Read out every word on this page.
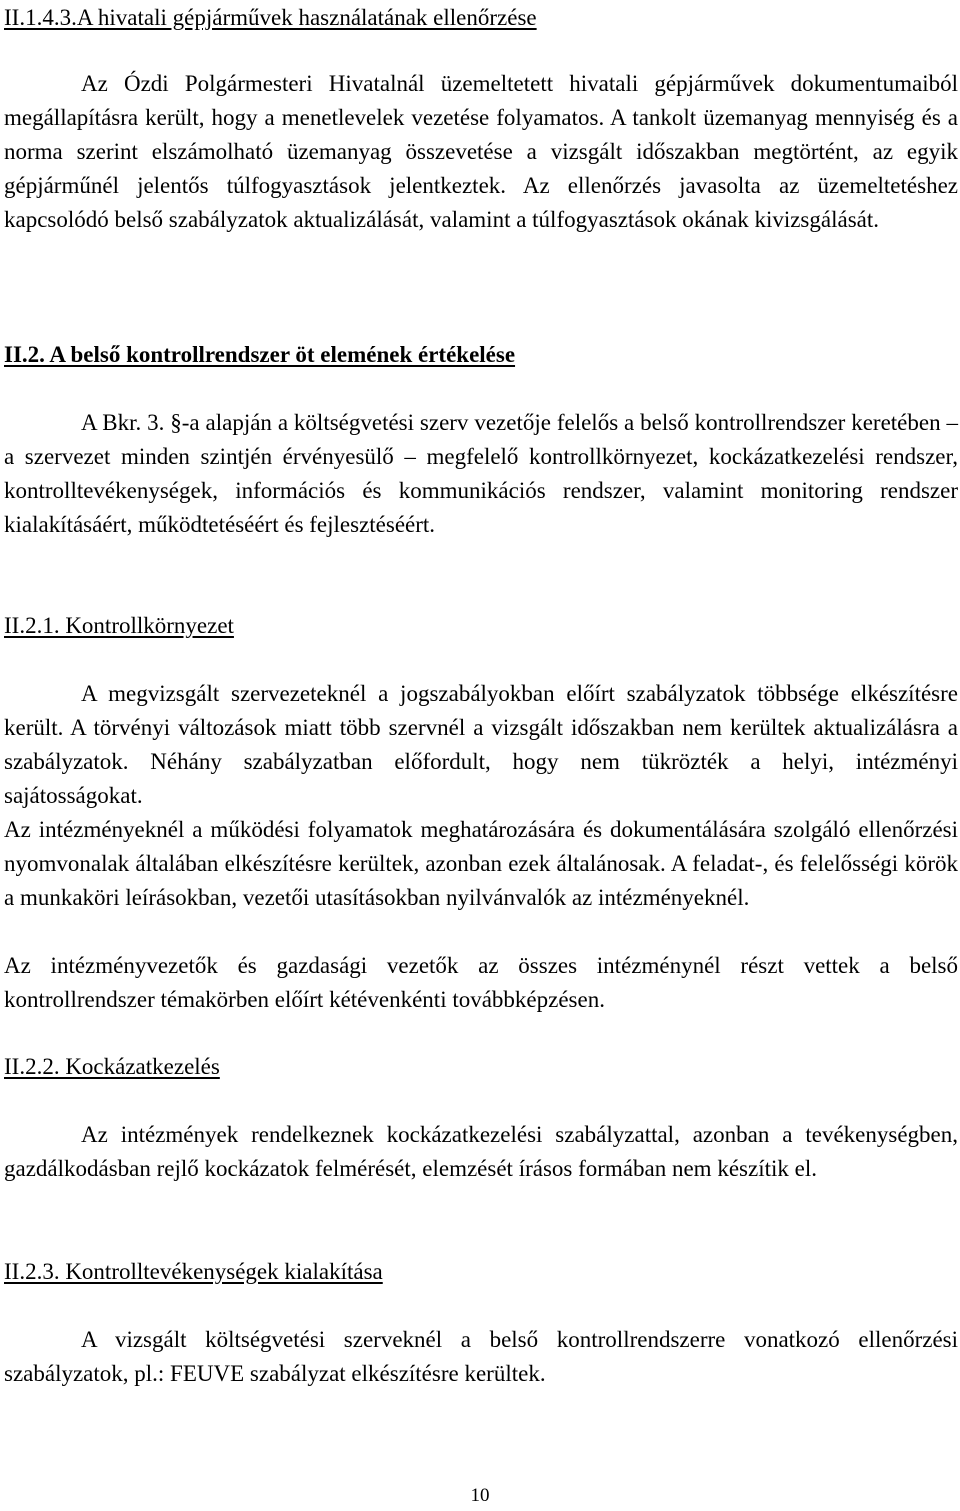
II.1.4.3.A hivatali gépjárművek használatának ellenőrzése

Az Ózdi Polgármesteri Hivatalnál üzemeltetett hivatali gépjárművek dokumentumaiból megállapításra került, hogy a menetlevelek vezetése folyamatos. A tankolt üzemanyag mennyiség és a norma szerint elszámolható üzemanyag összevetése a vizsgált időszakban megtörtént, az egyik gépjárműnél jelentős túlfogyasztások jelentkeztek. Az ellenőrzés javasolta az üzemeltetéshez kapcsolódó belső szabályzatok aktualizálását, valamint a túlfogyasztások okának kivizsgálását.

II.2. A belső kontrollrendszer öt elemének értékelése

A Bkr. 3. §-a alapján a költségvetési szerv vezetője felelős a belső kontrollrendszer keretében – a szervezet minden szintjén érvényesülő – megfelelő kontrollkörnyezet, kockázatkezelési rendszer, kontrolltevékenységek, információs és kommunikációs rendszer, valamint monitoring rendszer kialakításáért, működtetéséért és fejlesztéséért.

II.2.1. Kontrollkörnyezet

A megvizsgált szervezeteknél a jogszabályokban előírt szabályzatok többsége elkészítésre került. A törvényi változások miatt több szervnél a vizsgált időszakban nem kerültek aktualizálásra a szabályzatok. Néhány szabályzatban előfordult, hogy nem tükrözték a helyi, intézményi sajátosságokat.

Az intézményeknél a működési folyamatok meghatározására és dokumentálására szolgáló ellenőrzési nyomvonalak általában elkészítésre kerültek, azonban ezek általánosak. A feladat-, és felelősségi körök a munkaköri leírásokban, vezetői utasításokban nyilvánvalók az intézményeknél.

Az intézményvezetők és gazdasági vezetők az összes intézménynél részt vettek a belső kontrollrendszer témakörben előírt kétévenkénti továbbképzésen.

II.2.2. Kockázatkezelés

Az intézmények rendelkeznek kockázatkezelési szabályzattal, azonban a tevékenységben, gazdálkodásban rejlő kockázatok felmérését, elemzését írásos formában nem készítik el.

II.2.3. Kontrolltevékenységek kialakítása

A vizsgált költségvetési szerveknél a belső kontrollrendszerre vonatkozó ellenőrzési szabályzatok, pl.: FEUVE szabályzat elkészítésre kerültek.

10
